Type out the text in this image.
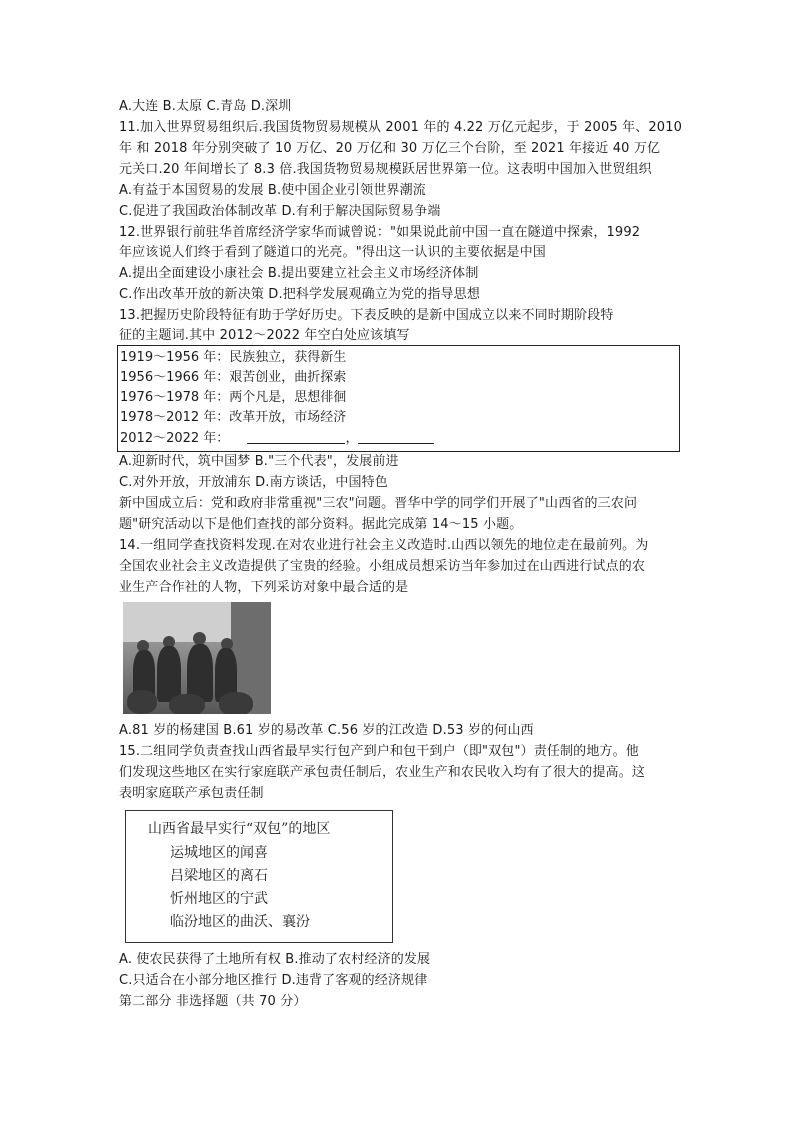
A.大连 B.太原 C.青岛 D.深圳
11.加入世界贸易组织后.我国货物贸易规模从 2001 年的 4.22 万亿元起步，于 2005 年、2010
年 和 2018 年分别突破了 10 万亿、20 万亿和 30 万亿三个台阶，至 2021 年接近 40 万亿
元关口.20 年间增长了 8.3 倍.我国货物贸易规模跃居世界第一位。这表明中国加入世贸组织
A.有益于本国贸易的发展 B.使中国企业引领世界潮流
C.促进了我国政治体制改革 D.有利于解决国际贸易争端
12.世界银行前驻华首席经济学家华而诚曾说："如果说此前中国一直在隧道中探索，1992
年应该说人们终于看到了隧道口的光亮。"得出这一认识的主要依据是中国
A.提出全面建设小康社会 B.提出要建立社会主义市场经济体制
C.作出改革开放的新决策 D.把科学发展观确立为党的指导思想
13.把握历史阶段特征有助于学好历史。下表反映的是新中国成立以来不同时期阶段特
征的主题词.其中 2012～2022 年空白处应该填写
1919～1956 年：民族独立，获得新生
1956～1966 年：艰苦创业，曲折探索
1976～1978 年：两个凡是，思想徘徊
1978～2012 年：改革开放，市场经济
2012～2022 年：	，
A.迎新时代，筑中国梦 B."三个代表"，发展前进
C.对外开放，开放浦东 D.南方谈话，中国特色
新中国成立后：党和政府非常重视"三农"问题。晋华中学的同学们开展了"山西省的三农问
题"研究活动以下是他们查找的部分资料。据此完成第 14～15 小题。
14.一组同学查找资料发现.在对农业进行社会主义改造时.山西以领先的地位走在最前列。为
全国农业社会主义改造提供了宝贵的经验。小组成员想采访当年参加过在山西进行试点的农
业生产合作社的人物，下列采访对象中最合适的是
A.81 岁的杨建国 B.61 岁的易改革 C.56 岁的江改造 D.53 岁的何山西
15.二组同学负责查找山西省最早实行包产到户和包干到户（即"双包"）责任制的地方。他
们发现这些地区在实行家庭联产承包责任制后，农业生产和农民收入均有了很大的提高。这
表明家庭联产承包责任制
山西省最早实行“双包”的地区
运城地区的闻喜
吕梁地区的离石
忻州地区的宁武
临汾地区的曲沃、襄汾
A. 使农民获得了土地所有权 B.推动了农村经济的发展
C.只适合在小部分地区推行 D.违背了客观的经济规律
第二部分 非选择题（共 70 分）
